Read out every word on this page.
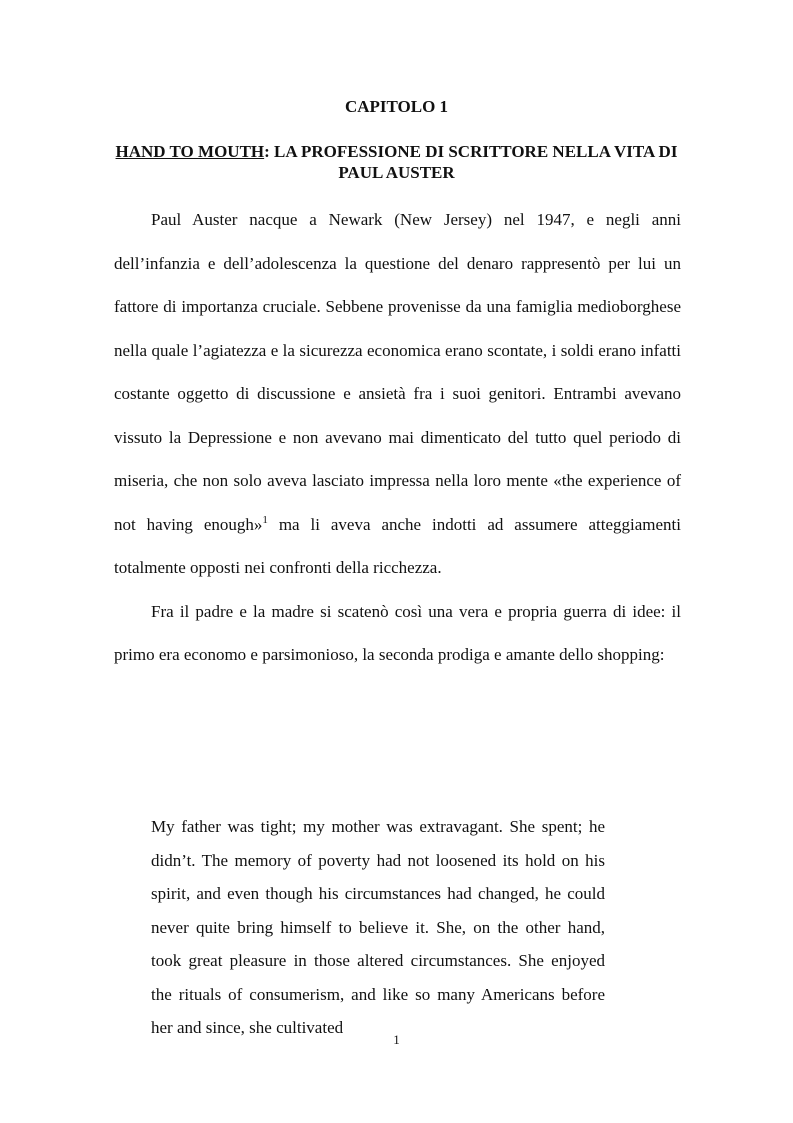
CAPITOLO 1
HAND TO MOUTH: LA PROFESSIONE DI SCRITTORE NELLA VITA DI PAUL AUSTER

Paul Auster nacque a Newark (New Jersey) nel 1947, e negli anni dell’infanzia e dell’adolescenza la questione del denaro rappresentò per lui un fattore di importanza cruciale. Sebbene provenisse da una famiglia medioborghese nella quale l’agiatezza e la sicurezza economica erano scontate, i soldi erano infatti costante oggetto di discussione e ansietà fra i suoi genitori. Entrambi avevano vissuto la Depressione e non avevano mai dimenticato del tutto quel periodo di miseria, che non solo aveva lasciato impressa nella loro mente «the experience of not having enough»$^1$ ma li aveva anche indotti ad assumere atteggiamenti totalmente opposti nei confronti della ricchezza.

Fra il padre e la madre si scatenò così una vera e propria guerra di idee: il primo era economo e parsimonioso, la seconda prodiga e amante dello shopping:

My father was tight; my mother was extravagant. She spent; he didn’t. The memory of poverty had not loosened its hold on his spirit, and even though his circumstances had changed, he could never quite bring himself to believe it. She, on the other hand, took great pleasure in those altered circumstances. She enjoyed the rituals of consumerism, and like so many Americans before her and since, she cultivated
1
